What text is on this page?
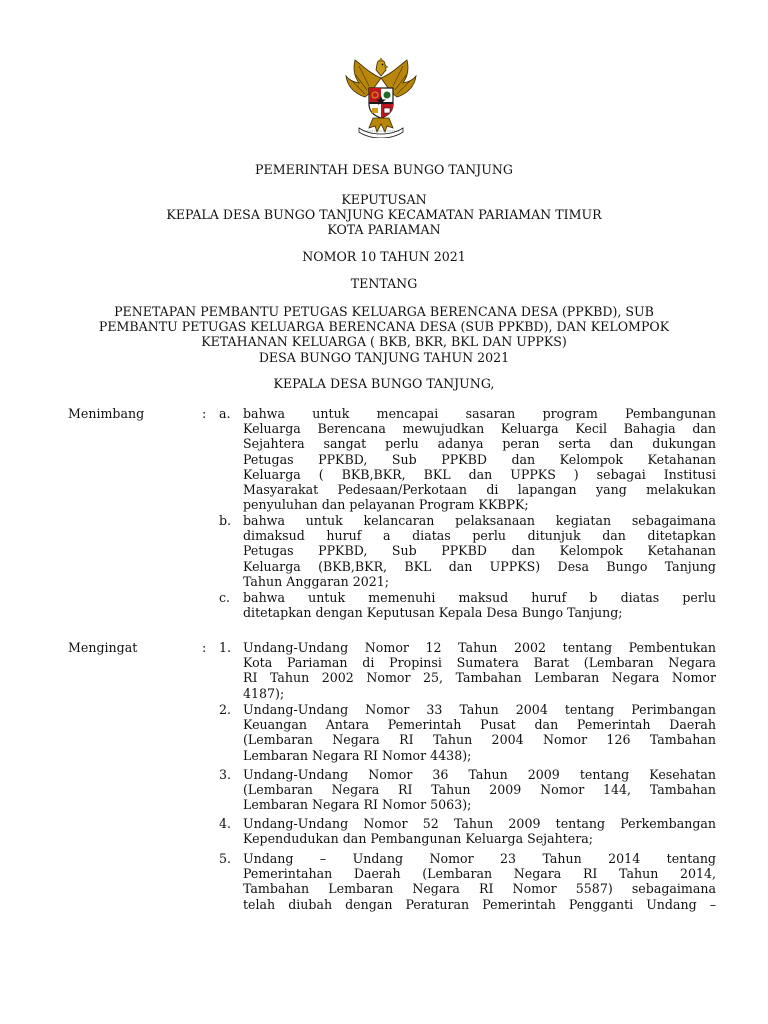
PEMERINTAH DESA BUNGO TANJUNG
KEPUTUSAN
KEPALA DESA BUNGO TANJUNG KECAMATAN PARIAMAN TIMUR
KOTA PARIAMAN
NOMOR 10 TAHUN 2021
TENTANG
PENETAPAN PEMBANTU PETUGAS KELUARGA BERENCANA DESA (PPKBD), SUB
PEMBANTU PETUGAS KELUARGA BERENCANA DESA (SUB PPKBD), DAN KELOMPOK
KETAHANAN KELUARGA ( BKB, BKR, BKL DAN UPPKS)
DESA BUNGO TANJUNG TAHUN 2021
KEPALA DESA BUNGO TANJUNG,
Menimbang	: a. bahwa untuk mencapai sasaran program Pembangunan
Keluarga Berencana mewujudkan Keluarga Kecil Bahagia dan
Sejahtera sangat perlu adanya peran serta dan dukungan
Petugas PPKBD, Sub PPKBD dan Kelompok Ketahanan
Keluarga ( BKB,BKR, BKL dan UPPKS ) sebagai Institusi
Masyarakat Pedesaan/Perkotaan di lapangan yang melakukan
penyuluhan dan pelayanan Program KKBPK;
b. bahwa untuk kelancaran pelaksanaan kegiatan sebagaimana
dimaksud huruf a diatas perlu ditunjuk dan ditetapkan
Petugas PPKBD, Sub PPKBD dan Kelompok Ketahanan
Keluarga (BKB,BKR, BKL dan UPPKS) Desa Bungo Tanjung
Tahun Anggaran 2021;
c. bahwa untuk memenuhi maksud huruf b diatas perlu
ditetapkan dengan Keputusan Kepala Desa Bungo Tanjung;
Mengingat	: 1. Undang-Undang Nomor 12 Tahun 2002 tentang Pembentukan
Kota Pariaman di Propinsi Sumatera Barat (Lembaran Negara
RI Tahun 2002 Nomor 25, Tambahan Lembaran Negara Nomor
4187);
2. Undang-Undang Nomor 33 Tahun 2004 tentang Perimbangan
Keuangan Antara Pemerintah Pusat dan Pemerintah Daerah
(Lembaran Negara RI Tahun 2004 Nomor 126 Tambahan
Lembaran Negara RI Nomor 4438);
3. Undang-Undang Nomor 36 Tahun 2009 tentang Kesehatan
(Lembaran Negara RI Tahun 2009 Nomor 144, Tambahan
Lembaran Negara RI Nomor 5063);
4. Undang-Undang Nomor 52 Tahun 2009 tentang Perkembangan
Kependudukan dan Pembangunan Keluarga Sejahtera;
5. Undang – Undang Nomor 23 Tahun 2014 tentang
Pemerintahan Daerah (Lembaran Negara RI Tahun 2014,
Tambahan Lembaran Negara RI Nomor 5587) sebagaimana
telah diubah dengan Peraturan Pemerintah Pengganti Undang –
